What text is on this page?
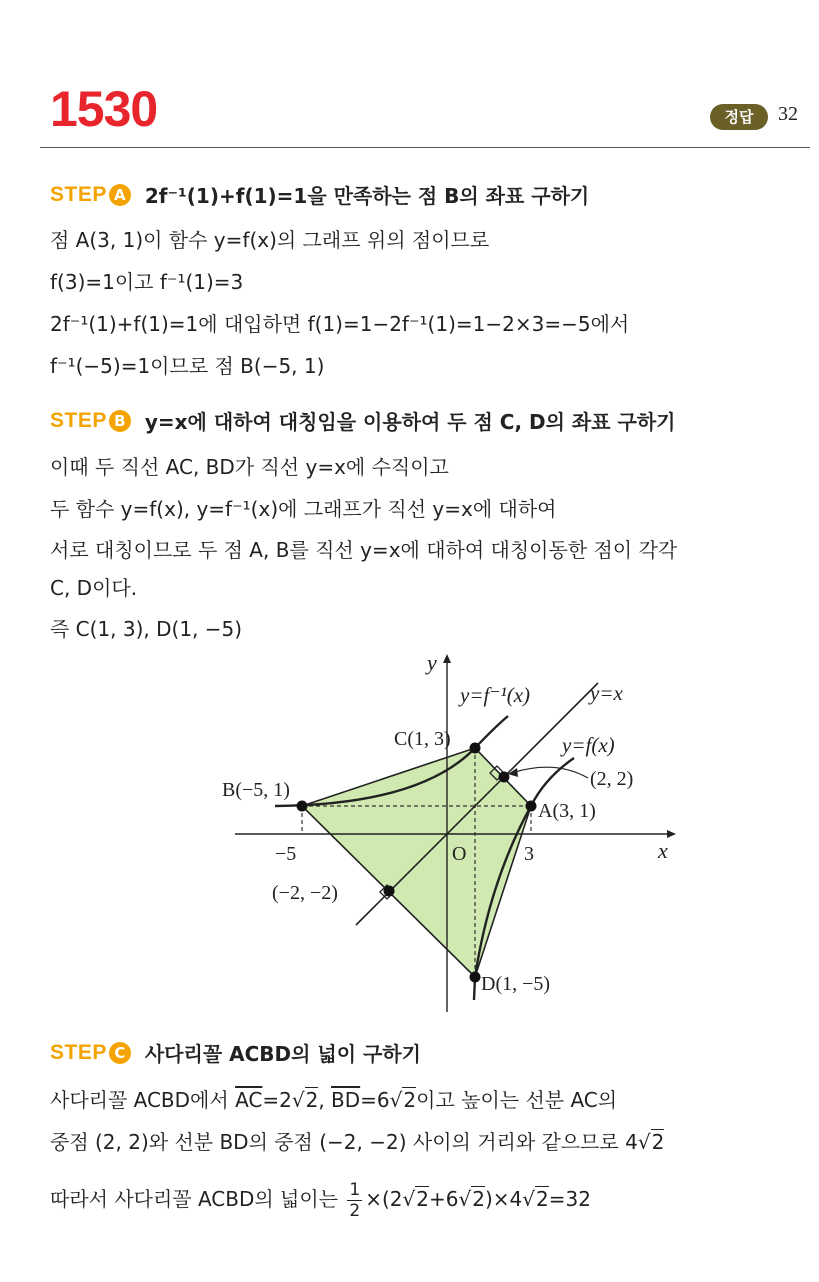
1530	정답	32
STEP A 2f⁻¹(1)+f(1)=1을 만족하는 점 B의 좌표 구하기
점 A(3, 1)이 함수 y=f(x)의 그래프 위의 점이므로
f(3)=1이고 f⁻¹(1)=3
2f⁻¹(1)+f(1)=1에 대입하면 f(1)=1−2f⁻¹(1)=1−2×3=−5에서
f⁻¹(−5)=1이므로 점 B(−5, 1)
STEP B y=x에 대하여 대칭임을 이용하여 두 점 C, D의 좌표 구하기
이때 두 직선 AC, BD가 직선 y=x에 수직이고
두 함수 y=f(x), y=f⁻¹(x)에 그래프가 직선 y=x에 대하여
서로 대칭이므로 두 점 A, B를 직선 y=x에 대하여 대칭이동한 점이 각각
C, D이다.
즉 C(1, 3), D(1, −5)
y
x
O
−5	3
y=f⁻¹(x)	y=x
y=f(x)
C(1, 3)
B(−5, 1)
A(3, 1)
D(1, −5)
(2, 2)
(−2, −2)
STEP C 사다리꼴 ACBD의 넓이 구하기
사다리꼴 ACBD에서 $\overline{AC}=2√2$, $\overline{BD}=6√2$이고 높이는 선분 AC의
중점 (2, 2)와 선분 BD의 중점 (−2, −2) 사이의 거리와 같으므로 4√2
따라서 사다리꼴 ACBD의 넓이는 $\frac{1}{2} \times(2√2+6√2)\times 4√2=32$
